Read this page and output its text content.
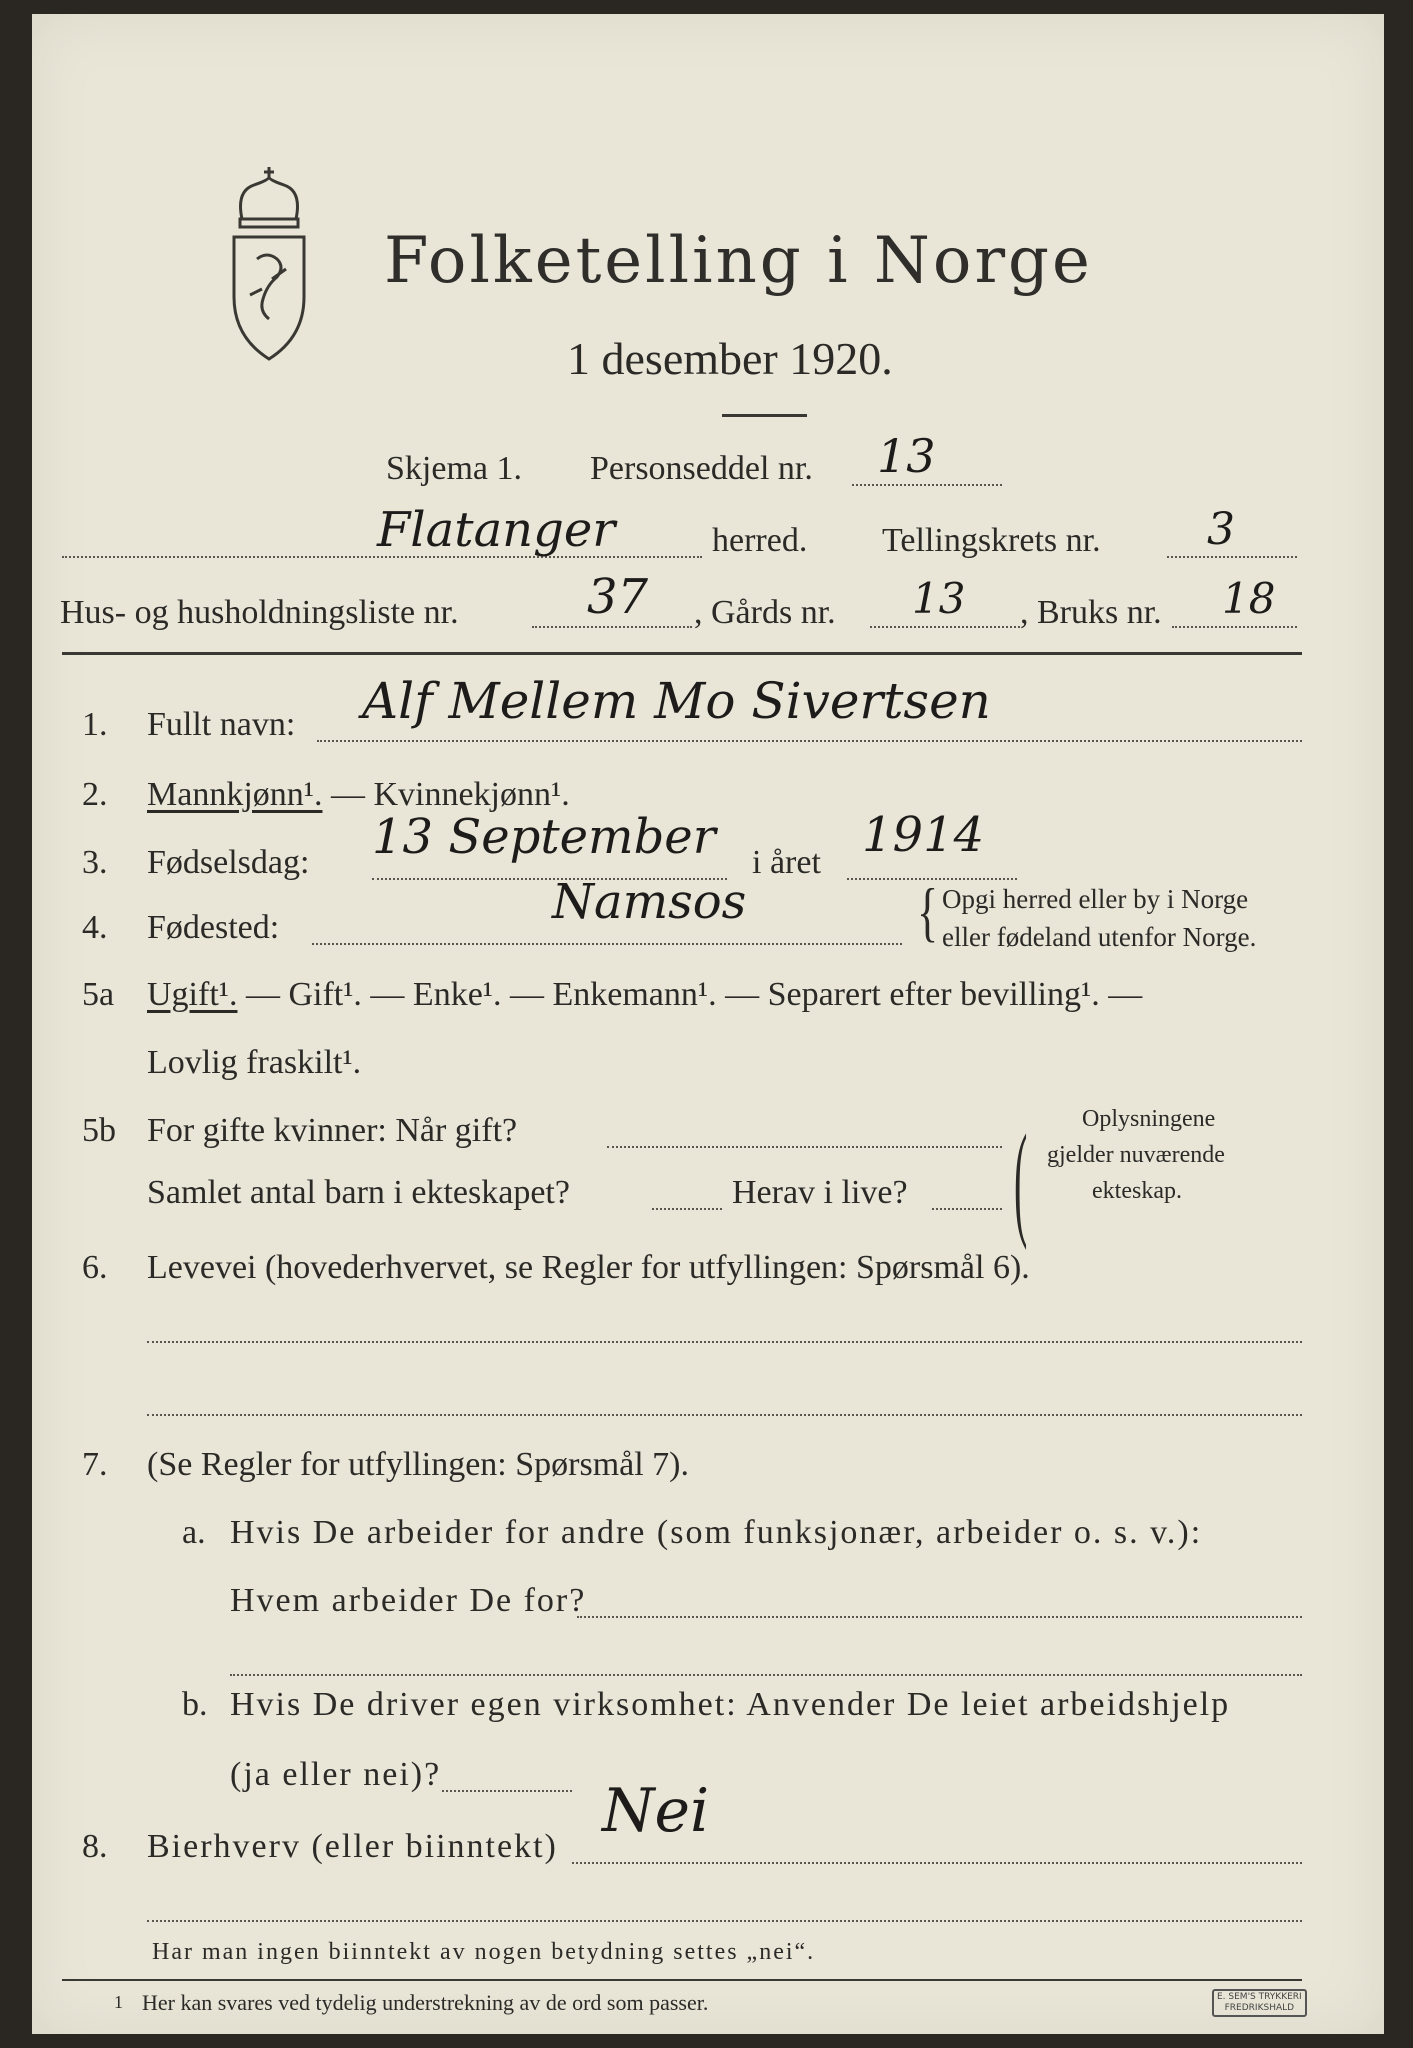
Folketelling i Norge
1 desember 1920.
Skjema 1. Personseddel nr. 13
Flatanger	herred. Tellingskrets nr. 3
Hus- og husholdningsliste nr.	37 , Gårds nr. 13 , Bruks nr. 18
1. Fullt navn: Alf Mellem Mo Sivertsen
2. Mannkjønn¹. — Kvinnekjønn¹.
3. Fødselsdag: 13 September i året 1914
4. Fødested:	Namsos	{ Opgi herred eller by i Norge
eller fødeland utenfor Norge.
5a Ugift¹. — Gift¹. — Enke¹. — Enkemann¹. — Separert efter bevilling¹. —
Lovlig fraskilt¹.
5b For gifte kvinner: Når gift?
Samlet antal barn i ekteskapet?	Herav i live?	( Oplysningene
gjelder nuværende
ekteskap.
6. Levevei (hovederhvervet, se Regler for utfyllingen: Spørsmål 6).
7. (Se Regler for utfyllingen: Spørsmål 7).
a. Hvis De arbeider for andre (som funksjonær, arbeider o. s. v.):
Hvem arbeider De for?
b. Hvis De driver egen virksomhet: Anvender De leiet arbeidshjelp
(ja eller nei)?
8. Bierhverv (eller biinntekt)
Nei
Har man ingen biinntekt av nogen betydning settes „nei“.
1 Her kan svares ved tydelig understrekning av de ord som passer.	E. SEM'S TRYKKERI
FREDRIKSHALD
